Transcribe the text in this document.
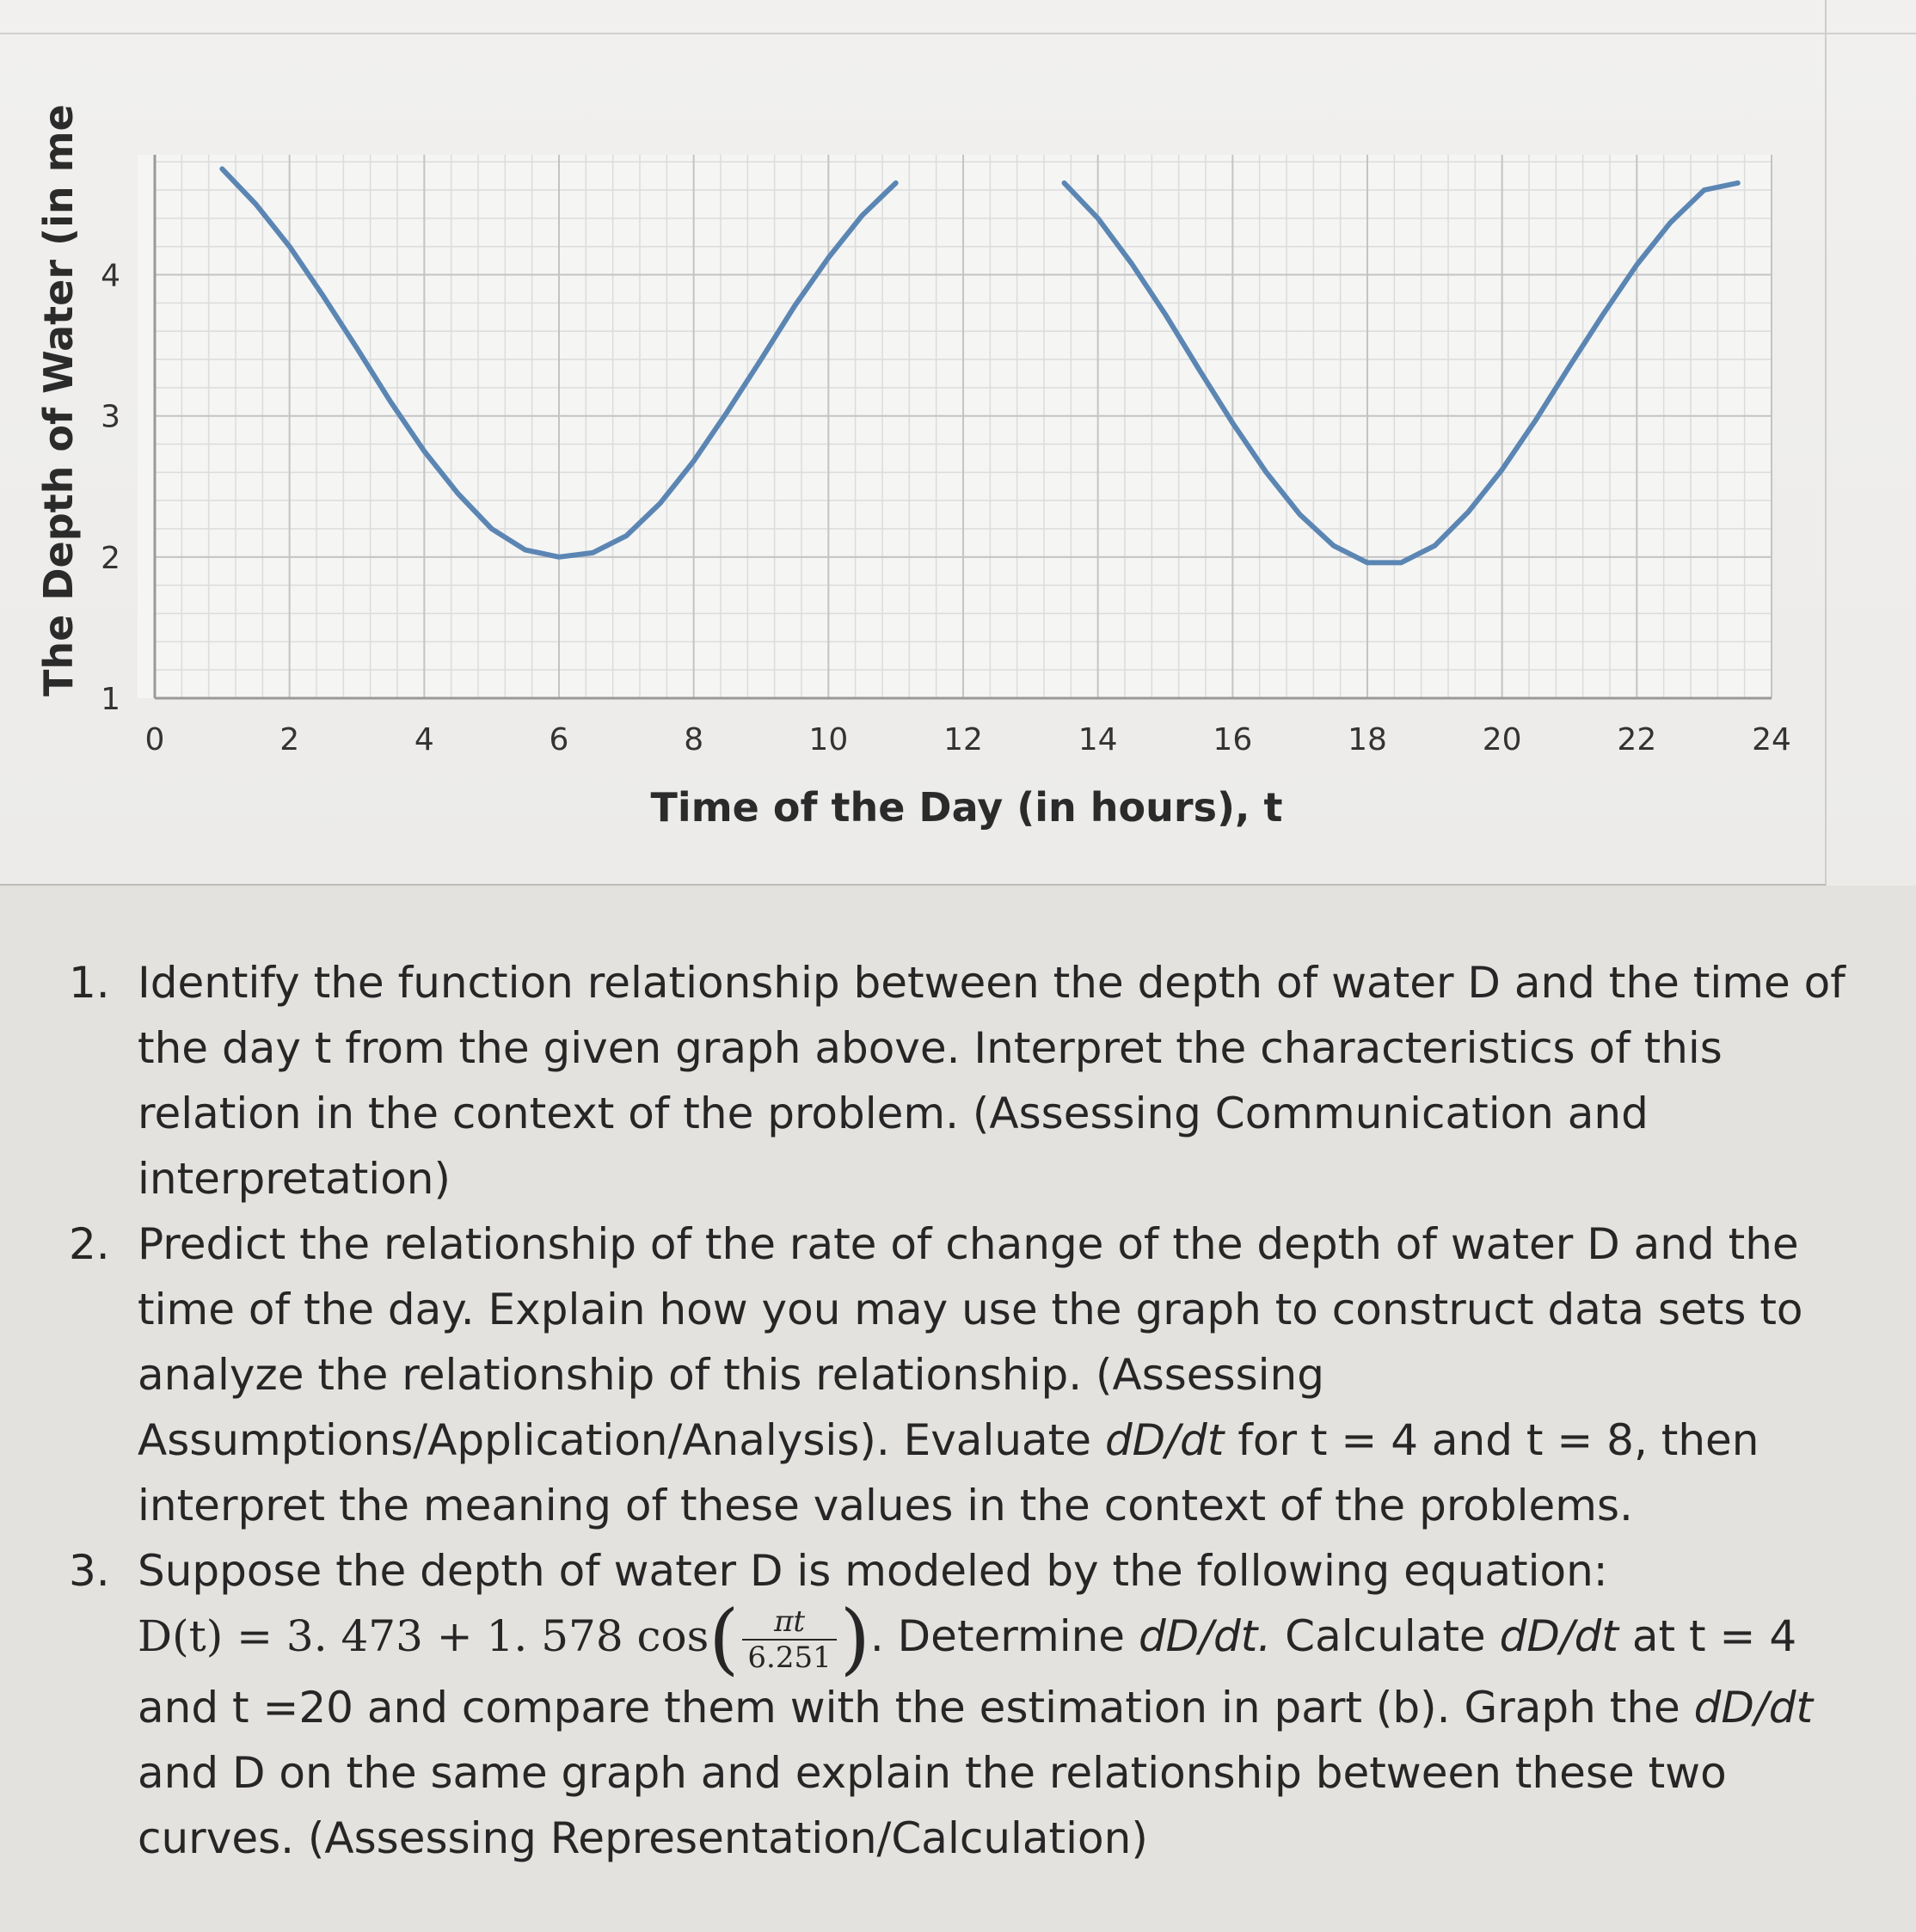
0	2	4	6	8	10	12	14	16	18	20	22	24
1
2
3
4
Time of the Day (in hours), t
The Depth of Water (in me
1. Identify the function relationship between the depth of water D and the time of the day t from the given graph above. Interpret the characteristics of this relation in the context of the problem. (Assessing Communication and interpretation)
2. Predict the relationship of the rate of change of the depth of water D and the time of the day. Explain how you may use the graph to construct data sets to analyze the relationship of this relationship. (Assessing Assumptions/Application/Analysis). Evaluate dD/dt for t = 4 and t = 8, then interpret the meaning of these values in the context of the problems.
3. Suppose the depth of water D is modeled by the following equation:
D(t) = 3. 473 + 1. 578 $\cos( \frac{\pi t}{6.251}$ ). Determine dD/dt. Calculate dD/dt at t = 4 and t =20 and compare them with the estimation in part (b). Graph the dD/dt and D on the same graph and explain the relationship between these two curves. (Assessing Representation/Calculation)
